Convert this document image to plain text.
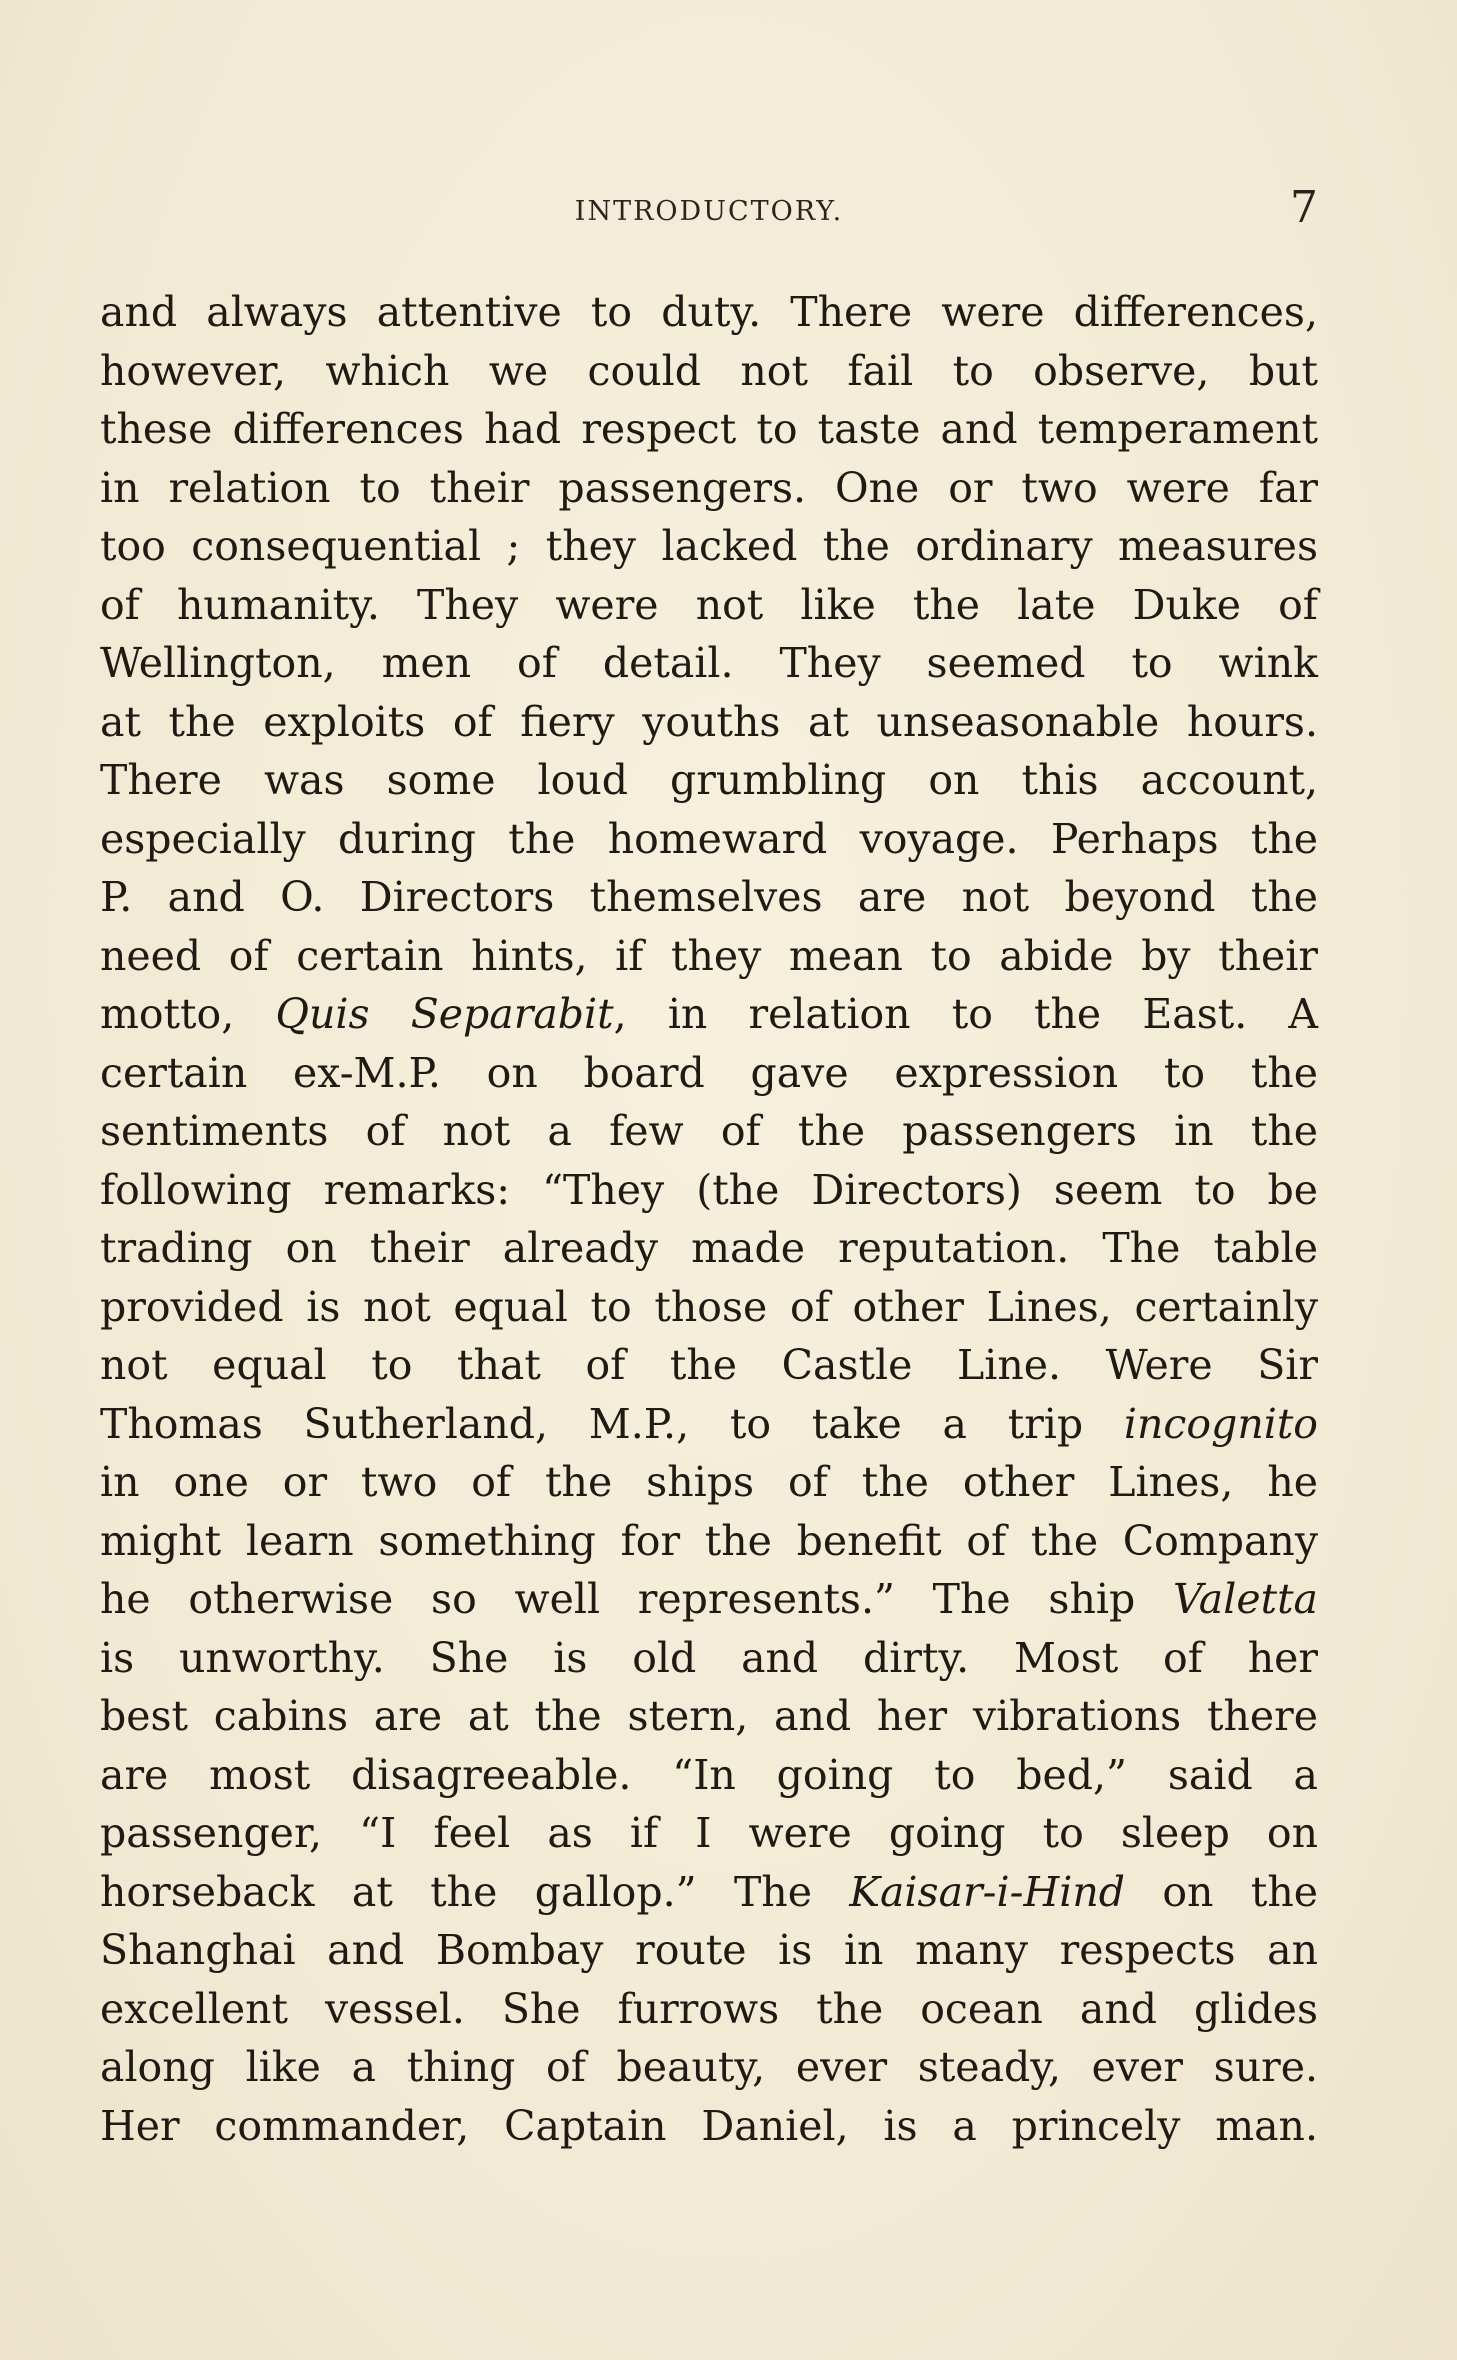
INTRODUCTORY.	7
and always attentive to duty. There were differences,
however, which we could not fail to observe, but
these differences had respect to taste and temperament
in relation to their passengers. One or two were far
too consequential ; they lacked the ordinary measures
of humanity. They were not like the late Duke of
Wellington, men of detail. They seemed to wink
at the exploits of fiery youths at unseasonable hours.
There was some loud grumbling on this account,
especially during the homeward voyage. Perhaps the
P. and O. Directors themselves are not beyond the
need of certain hints, if they mean to abide by their
motto, Quis Separabit, in relation to the East. A
certain ex-M.P. on board gave expression to the
sentiments of not a few of the passengers in the
following remarks: “They (the Directors) seem to be
trading on their already made reputation. The table
provided is not equal to those of other Lines, certainly
not equal to that of the Castle Line. Were Sir
Thomas Sutherland, M.P., to take a trip incognito
in one or two of the ships of the other Lines, he
might learn something for the benefit of the Company
he otherwise so well represents.” The ship Valetta
is unworthy. She is old and dirty. Most of her
best cabins are at the stern, and her vibrations there
are most disagreeable. “In going to bed,” said a
passenger, “I feel as if I were going to sleep on
horseback at the gallop.” The Kaisar-i-Hind on the
Shanghai and Bombay route is in many respects an
excellent vessel. She furrows the ocean and glides
along like a thing of beauty, ever steady, ever sure.
Her commander, Captain Daniel, is a princely man.
